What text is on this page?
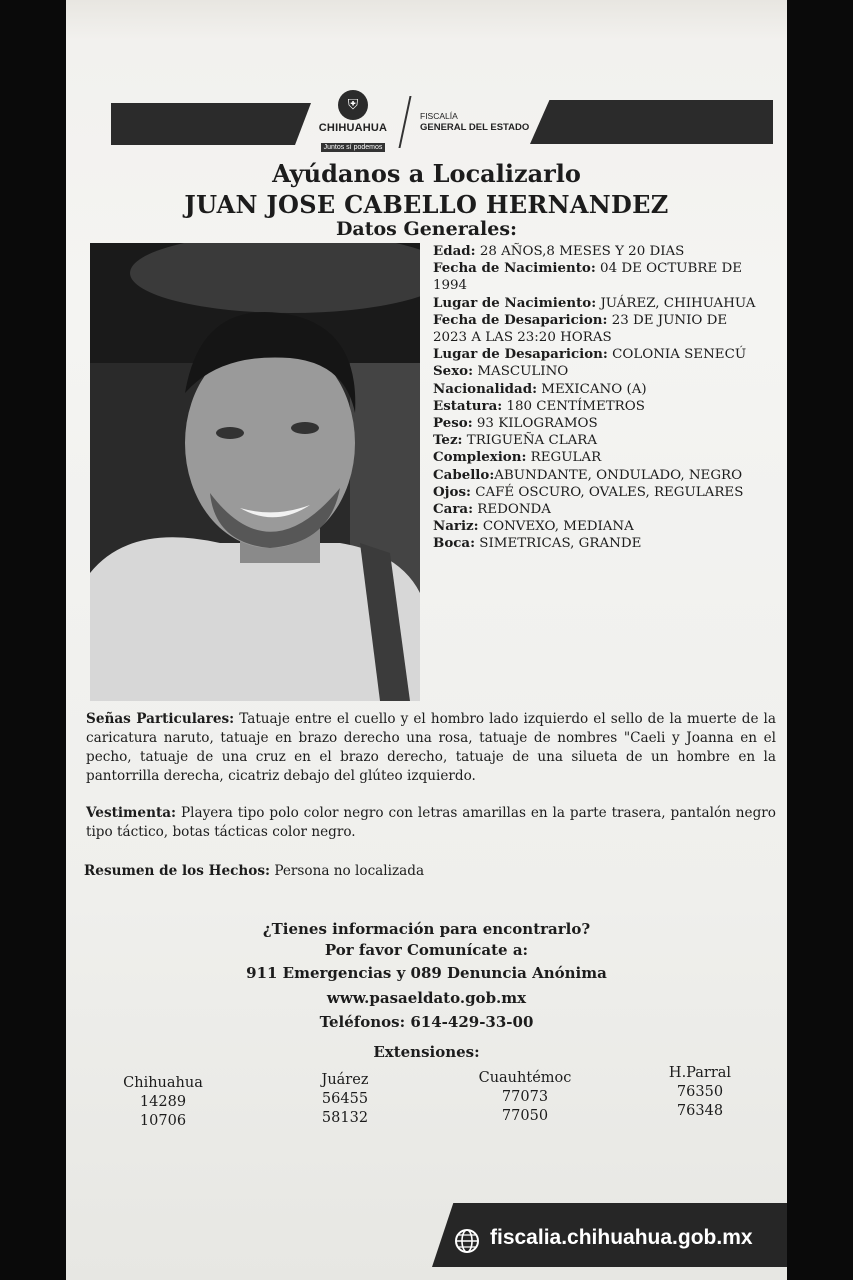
⛨
CHIHUAHUA
Juntos sí podemos
FISCALÍA
GENERAL DEL ESTADO
Ayúdanos a Localizarlo
JUAN JOSE CABELLO HERNANDEZ
Datos Generales:

Edad: 28 AÑOS,8 MESES Y 20 DIAS

Fecha de Nacimiento: 04 DE OCTUBRE DE 1994

Lugar de Nacimiento: JUÁREZ, CHIHUAHUA

Fecha de Desaparicion: 23 DE JUNIO DE 2023 A LAS 23:20 HORAS

Lugar de Desaparicion: COLONIA SENECÚ

Sexo: MASCULINO

Nacionalidad: MEXICANO (A)

Estatura: 180 CENTÍMETROS

Peso: 93 KILOGRAMOS

Tez: TRIGUEÑA CLARA

Complexion: REGULAR

Cabello:ABUNDANTE, ONDULADO, NEGRO

Ojos: CAFÉ OSCURO, OVALES, REGULARES

Cara: REDONDA

Nariz: CONVEXO, MEDIANA

Boca: SIMETRICAS, GRANDE

Señas Particulares: Tatuaje entre el cuello y el hombro lado izquierdo el sello de la muerte de la caricatura naruto, tatuaje en brazo derecho una rosa, tatuaje de nombres "Caeli y Joanna en el pecho, tatuaje de una cruz en el brazo derecho, tatuaje de una silueta de un hombre en la pantorrilla derecha, cicatriz debajo del glúteo izquierdo.
Vestimenta: Playera tipo polo color negro con letras amarillas en la parte trasera, pantalón negro tipo táctico, botas tácticas color negro.
Resumen de los Hechos: Persona no localizada
¿Tienes información para encontrarlo?
Por favor Comunícate a:
911 Emergencias y 089 Denuncia Anónima
www.pasaeldato.gob.mx
Teléfonos: 614-429-33-00
Extensiones:
Chihuahua
14289
10706
Juárez
56455
58132
Cuauhtémoc
77073
77050
H.Parral
76350
76348
fiscalia.chihuahua.gob.mx
